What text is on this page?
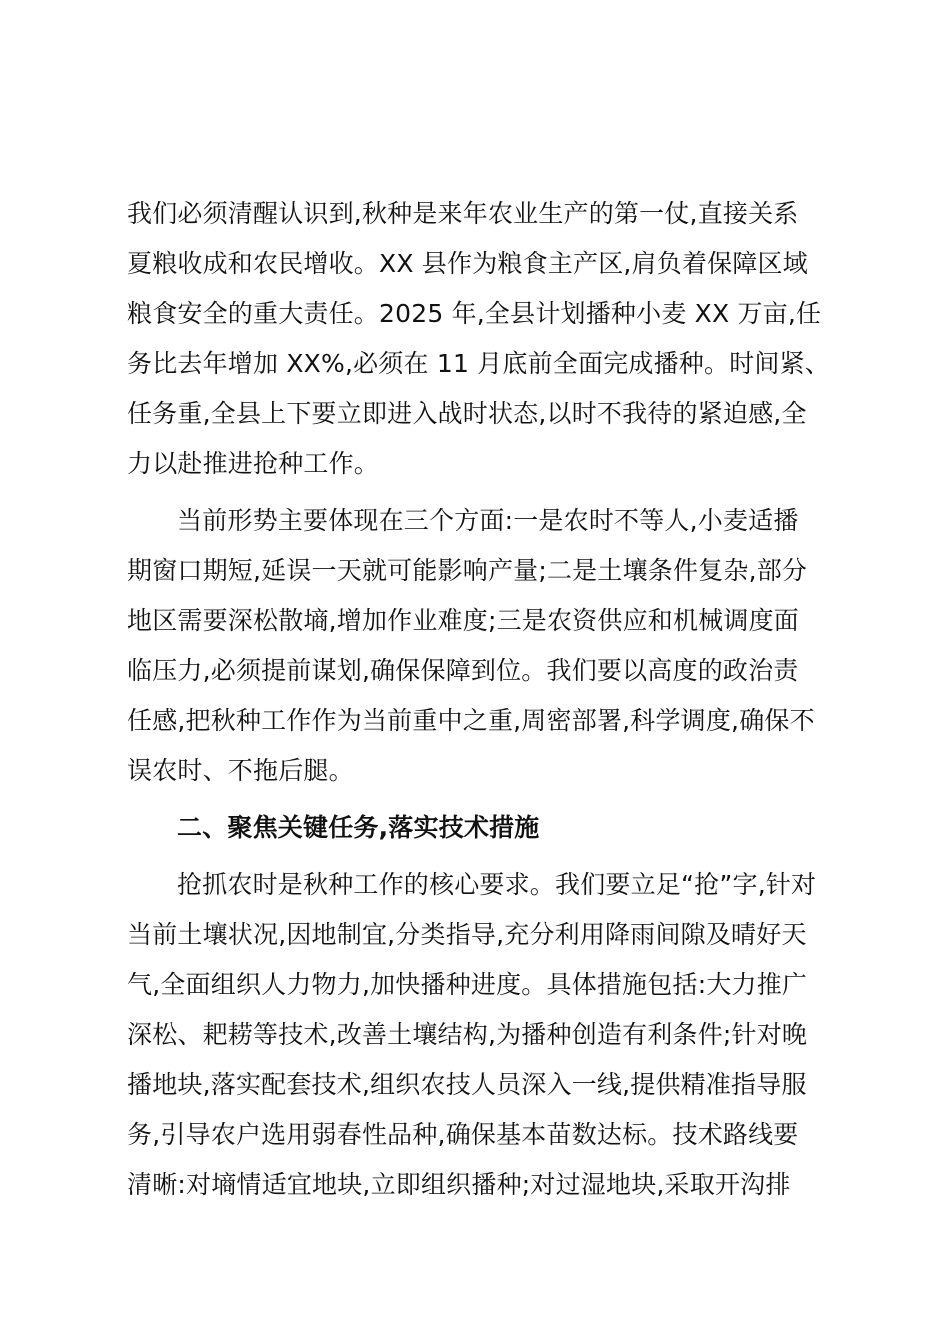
我们必须清醒认识到,秋种是来年农业生产的第一仗,直接关系
夏粮收成和农民增收。XX 县作为粮食主产区,肩负着保障区域
粮食安全的重大责任。2025 年,全县计划播种小麦 XX 万亩,任
务比去年增加 XX%,必须在 11 月底前全面完成播种。时间紧、
任务重,全县上下要立即进入战时状态,以时不我待的紧迫感,全
力以赴推进抢种工作。
当前形势主要体现在三个方面:一是农时不等人,小麦适播
期窗口期短,延误一天就可能影响产量;二是土壤条件复杂,部分
地区需要深松散墒,增加作业难度;三是农资供应和机械调度面
临压力,必须提前谋划,确保保障到位。我们要以高度的政治责
任感,把秋种工作作为当前重中之重,周密部署,科学调度,确保不
误农时、不拖后腿。
二、聚焦关键任务,落实技术措施
抢抓农时是秋种工作的核心要求。我们要立足“抢”字,针对
当前土壤状况,因地制宜,分类指导,充分利用降雨间隙及晴好天
气,全面组织人力物力,加快播种进度。具体措施包括:大力推广
深松、耙耢等技术,改善土壤结构,为播种创造有利条件;针对晚
播地块,落实配套技术,组织农技人员深入一线,提供精准指导服
务,引导农户选用弱春性品种,确保基本苗数达标。技术路线要
清晰:对墒情适宜地块,立即组织播种;对过湿地块,采取开沟排
